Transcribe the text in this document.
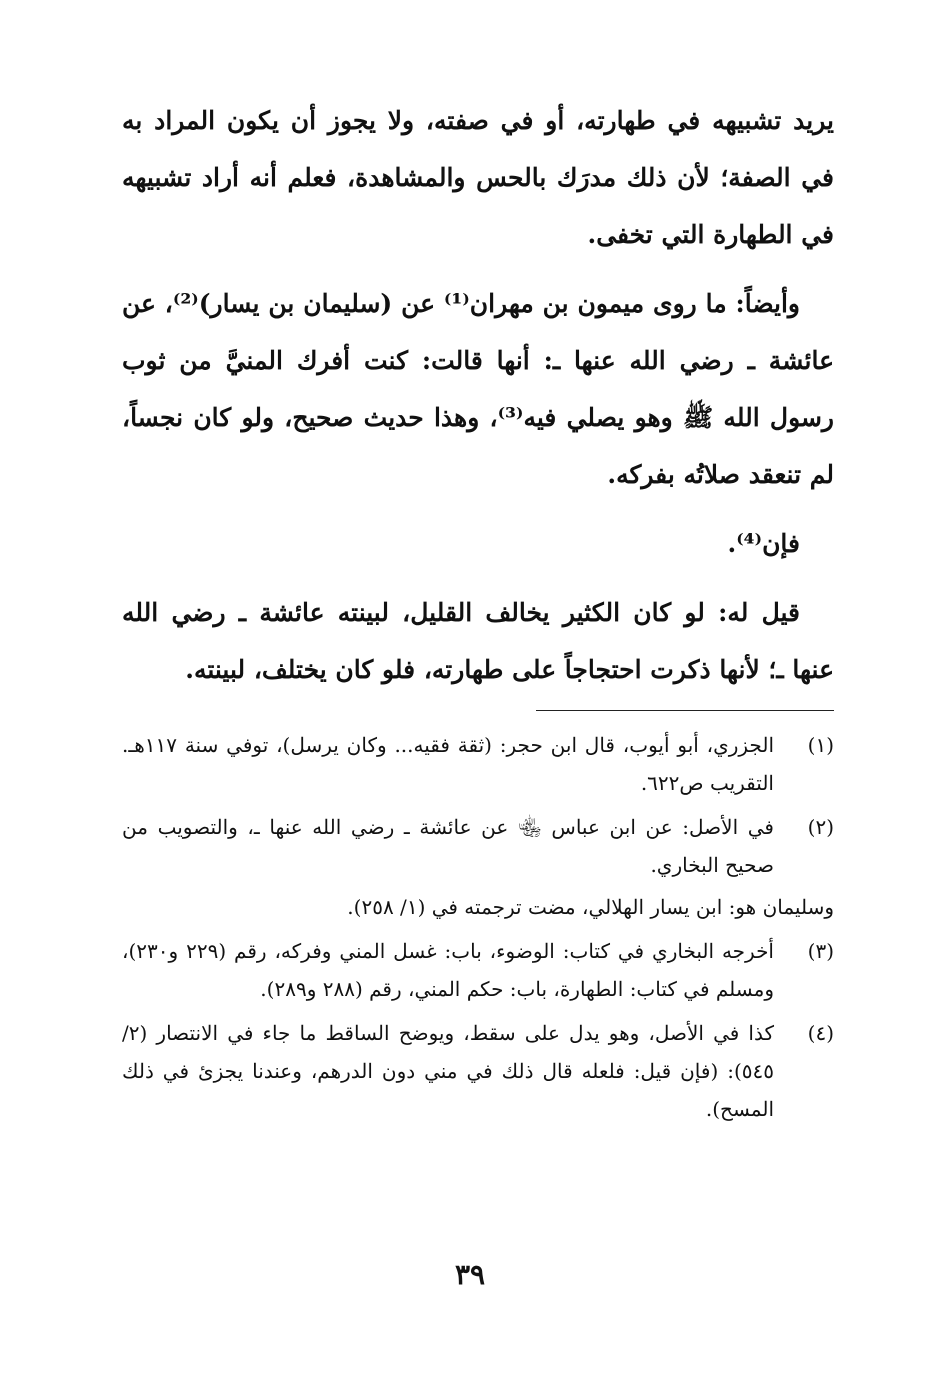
يريد تشبيهه في طهارته، أو في صفته، ولا يجوز أن يكون المراد به في الصفة؛ لأن ذلك مدرَك بالحس والمشاهدة، فعلم أنه أراد تشبيهه في الطهارة التي تخفى.

وأيضاً: ما روى ميمون بن مهران⁽¹⁾ عن (سليمان بن يسار)⁽²⁾، عن عائشة ـ رضي الله عنها ـ: أنها قالت: كنت أفرك المنيَّ من ثوب رسول الله ﷺ وهو يصلي فيه⁽³⁾، وهذا حديث صحيح، ولو كان نجساً، لم تنعقد صلاتُه بفركه.

فإن⁽⁴⁾.

قيل له: لو كان الكثير يخالف القليل، لبينته عائشة ـ رضي الله عنها ـ؛ لأنها ذكرت احتجاجاً على طهارته، فلو كان يختلف، لبينته.

(١)
الجزري، أبو أيوب، قال ابن حجر: (ثقة فقيه... وكان يرسل)، توفي سنة ١١٧هـ. التقريب ص٦٢٢.
(٢)
في الأصل: عن ابن عباس ﵄ عن عائشة ـ رضي الله عنها ـ، والتصويب من صحيح البخاري.
وسليمان هو: ابن يسار الهلالي، مضت ترجمته في (١/ ٢٥٨).
(٣)
أخرجه البخاري في كتاب: الوضوء، باب: غسل المني وفركه، رقم (٢٢٩ و٢٣٠)، ومسلم في كتاب: الطهارة، باب: حكم المني، رقم (٢٨٨ و٢٨٩).
(٤)
كذا في الأصل، وهو يدل على سقط، ويوضح الساقط ما جاء في الانتصار (٢/ ٥٤٥): (فإن قيل: فلعله قال ذلك في مني دون الدرهم، وعندنا يجزئ في ذلك المسح).
٣٩
